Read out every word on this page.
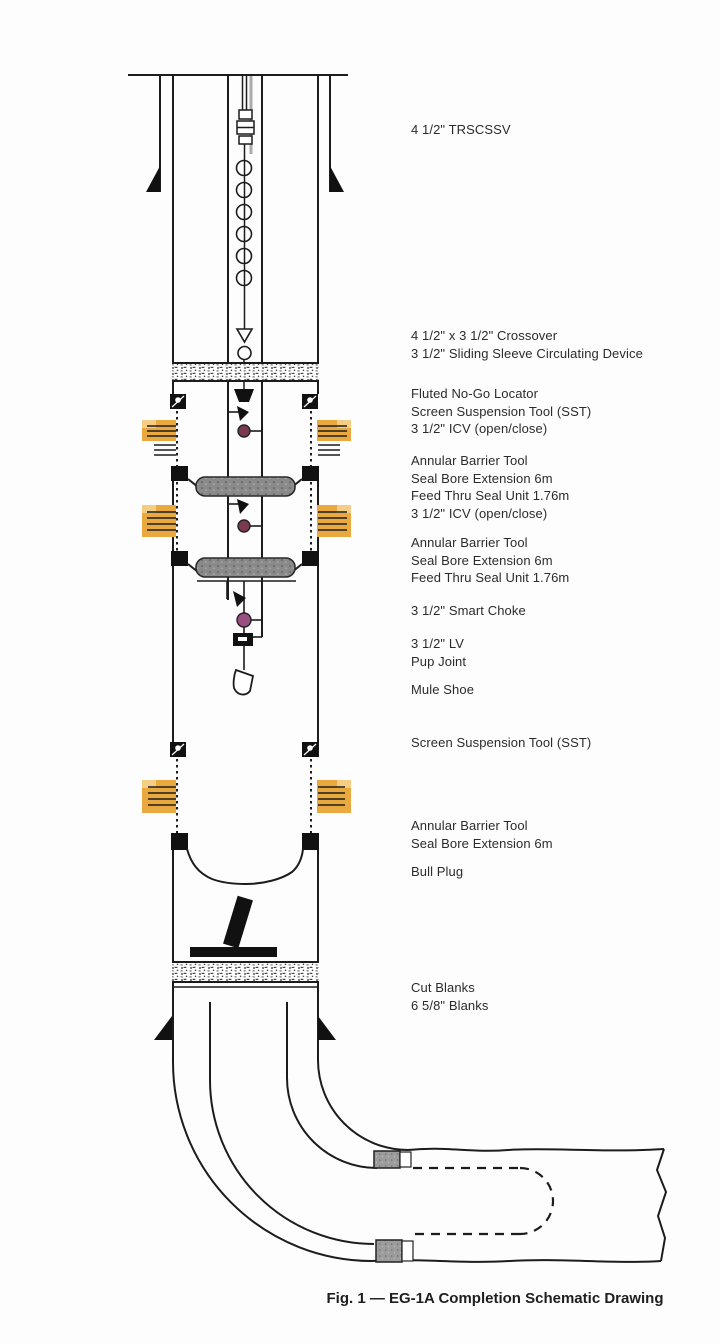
4 1/2" TRSCSSV
4 1/2" x 3 1/2" Crossover
3 1/2" Sliding Sleeve Circulating Device
Fluted No-Go Locator
Screen Suspension Tool (SST)
3 1/2" ICV (open/close)
Annular Barrier Tool
Seal Bore Extension 6m
Feed Thru Seal Unit 1.76m
3 1/2" ICV (open/close)
Annular Barrier Tool
Seal Bore Extension 6m
Feed Thru Seal Unit 1.76m
3 1/2" Smart Choke
3 1/2" LV
Pup Joint
Mule Shoe
Screen Suspension Tool (SST)
Annular Barrier Tool
Seal Bore Extension 6m
Bull Plug
Cut Blanks
6 5/8" Blanks
Fig. 1 — EG-1A Completion Schematic Drawing
